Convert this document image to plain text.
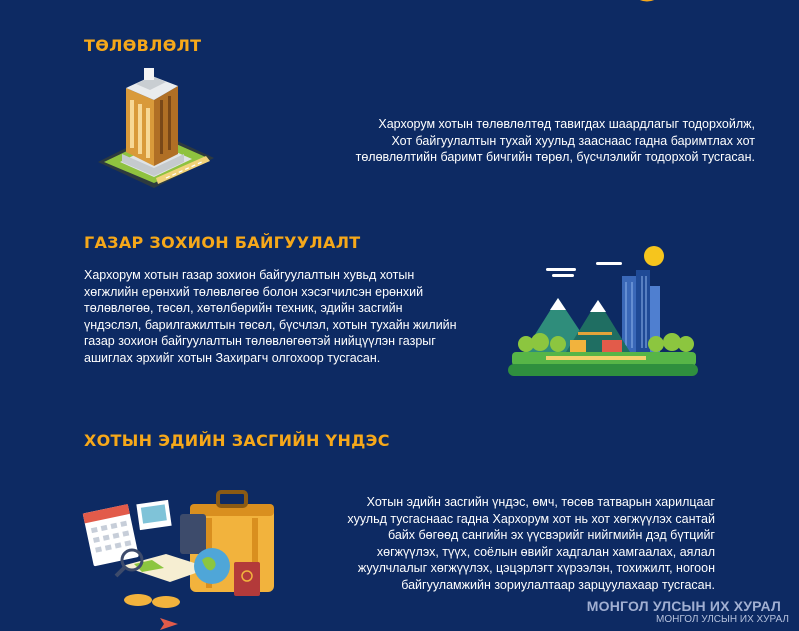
ТӨЛӨВЛӨЛТ
Хархорум хотын төлөвлөлтөд тавигдах шаардлагыг тодорхойлж,
Хот байгуулалтын тухай хуульд зааснаас гадна баримтлах хот
төлөвлөлтийн баримт бичгийн төрөл, бүсчлэлийг тодорхой тусгасан.
ГАЗАР ЗОХИОН БАЙГУУЛАЛТ
Хархорум хотын газар зохион байгуулалтын хувьд хотын
хөгжлийн ерөнхий төлөвлөгөө болон хэсэгчилсэн ерөнхий
төлөвлөгөө, төсөл, хөтөлбөрийн техник, эдийн засгийн
үндэслэл, барилгажилтын төсөл, бүсчлэл, хотын тухайн жилийн
газар зохион байгуулалтын төлөвлөгөөтэй нийцүүлэн газрыг
ашиглах эрхийг хотын Захирагч олгохоор тусгасан.
ХОТЫН ЭДИЙН ЗАСГИЙН ҮНДЭС
Хотын эдийн засгийн үндэс, өмч, төсөв татварын харилцааг
хуульд тусгаснаас гадна Хархорум хот нь хот хөгжүүлэх сантай
байх бөгөөд сангийн эх үүсвэрийг нийгмийн дэд бүтцийг
хөгжүүлэх, түүх, соёлын өвийг хадгалан хамгаалах, аялал
жуулчлалыг хөгжүүлэх, цэцэрлэгт хүрээлэн, тохижилт, ногоон
байгууламжийн зориулалтаар зарцуулахаар тусгасан.
МОНГОЛ УЛСЫН ИХ ХУРАЛ
МОНГОЛ УЛСЫН ИХ ХУРАЛ
